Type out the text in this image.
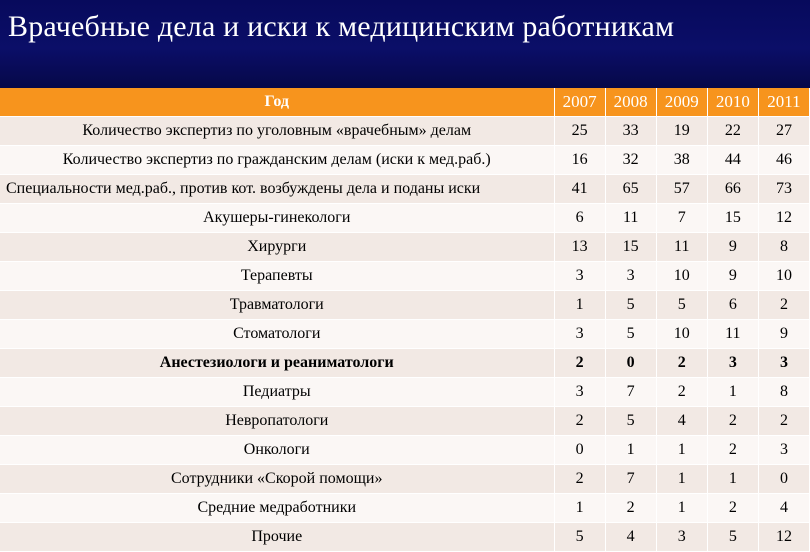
Врачебные дела и иски к медицинским работникам
Год	2007	2008	2009	2010	2011
Количество экспертиз по уголовным «врачебным» делам	25	33	19	22	27
Количество экспертиз по гражданским делам (иски к мед.раб.)	16	32	38	44	46
Специальности мед.раб., против кот. возбуждены дела и поданы иски	41	65	57	66	73
Акушеры-гинекологи	6	11	7	15	12
Хирурги	13	15	11	9	8
Терапевты	3	3	10	9	10
Травматологи	1	5	5	6	2
Стоматологи	3	5	10	11	9
Анестезиологи и реаниматологи	2	0	2	3	3
Педиатры	3	7	2	1	8
Невропатологи	2	5	4	2	2
Онкологи	0	1	1	2	3
Сотрудники «Скорой помощи»	2	7	1	1	0
Средние медработники	1	2	1	2	4
Прочие	5	4	3	5	12
